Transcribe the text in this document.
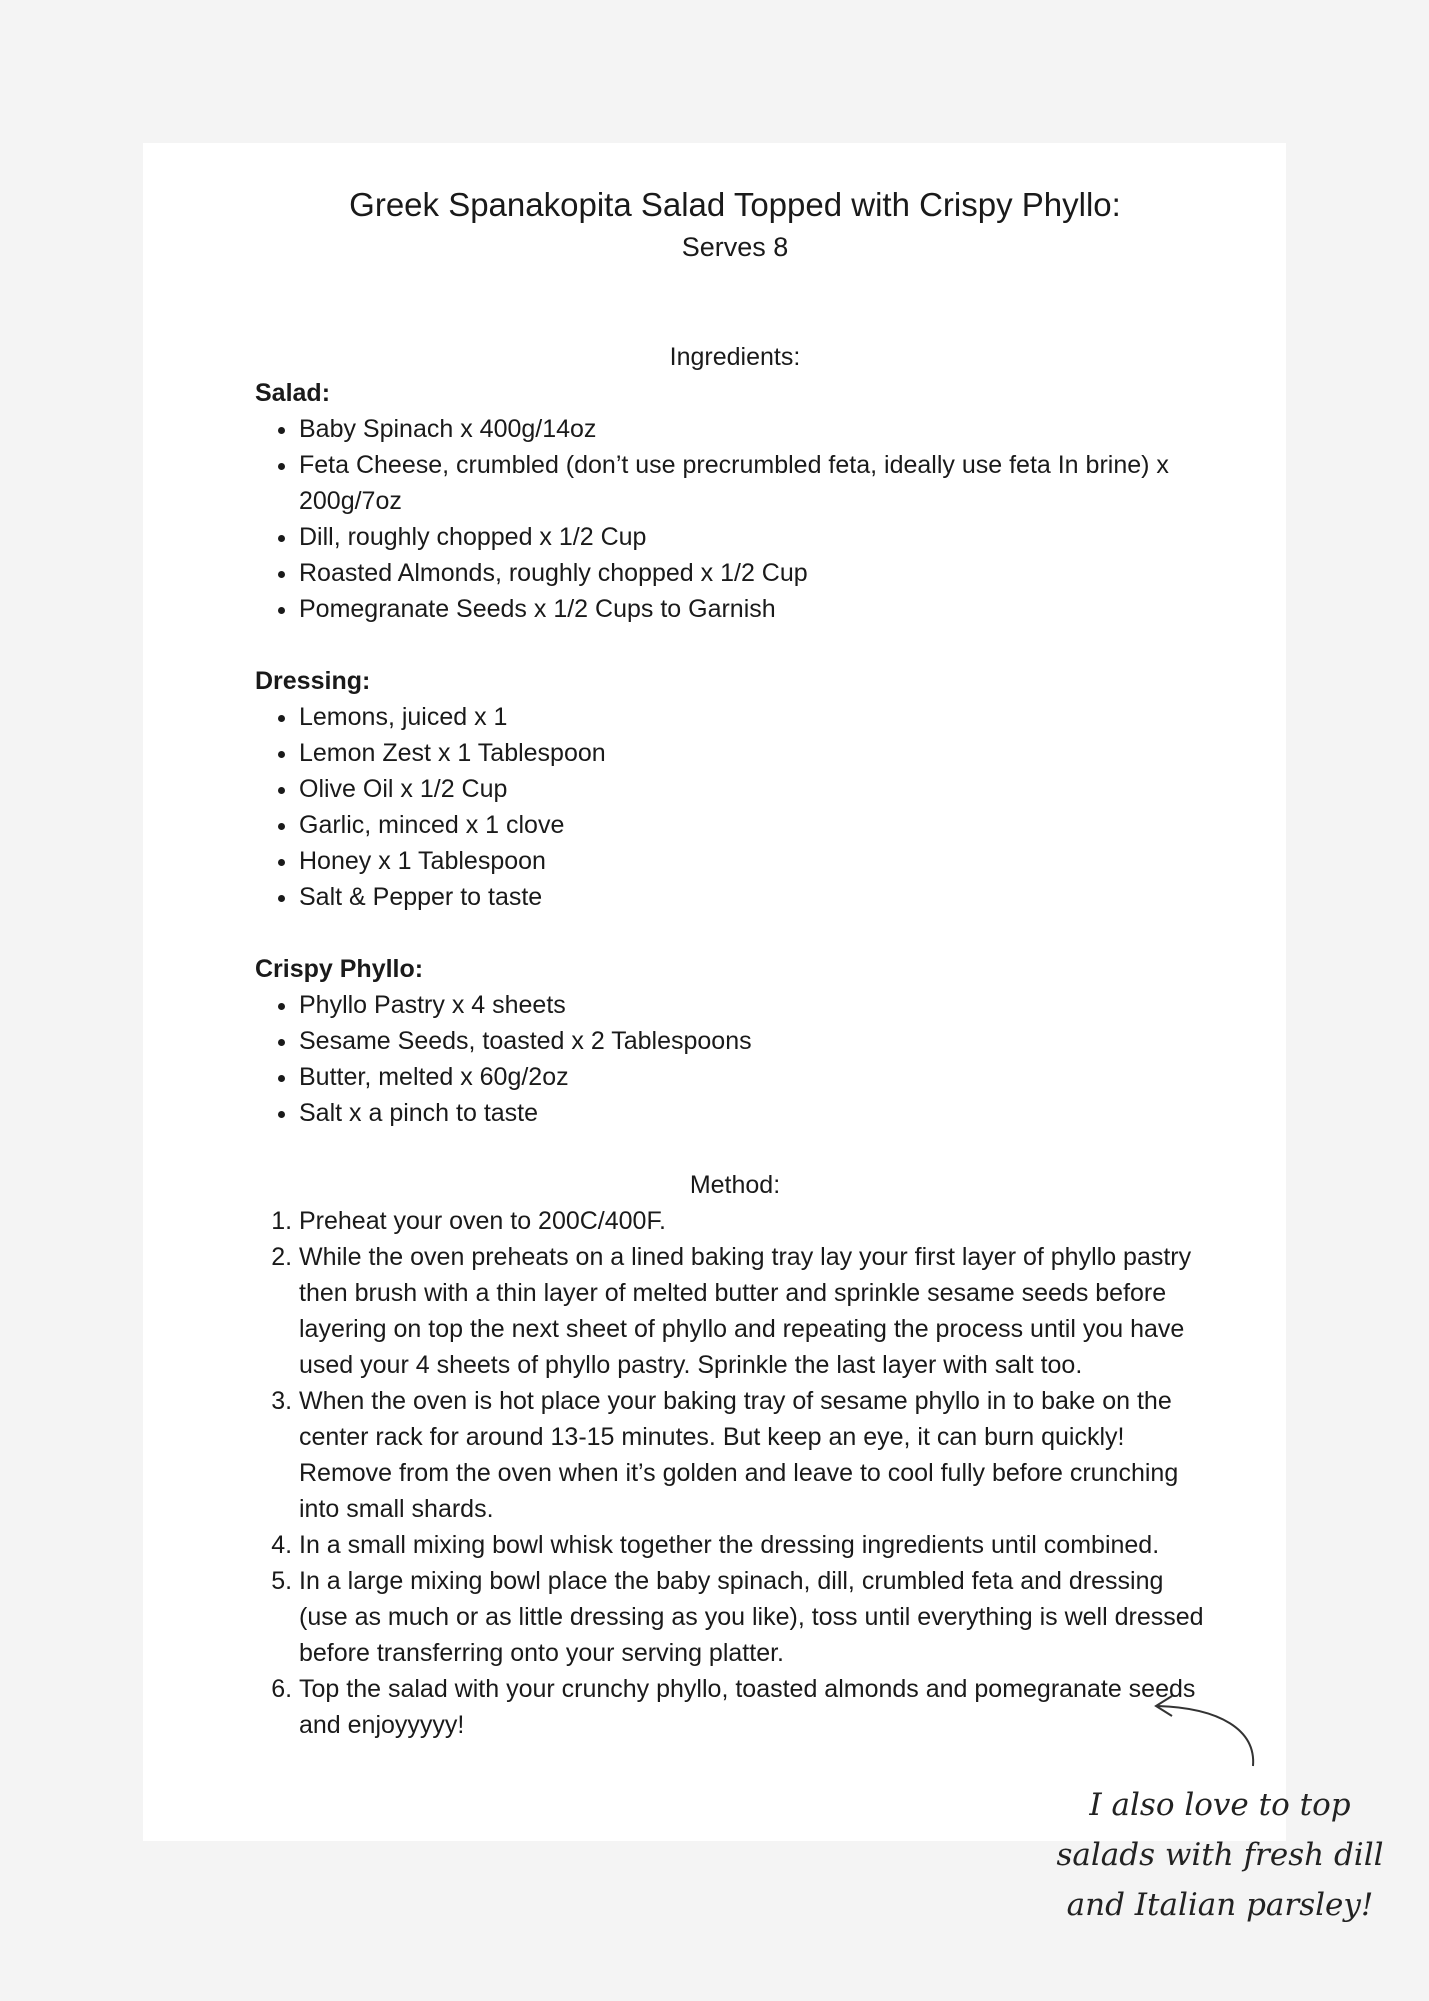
Greek Spanakopita Salad Topped with Crispy Phyllo:

Serves 8

Ingredients:

Salad:

• Baby Spinach x 400g/14oz
• Feta Cheese, crumbled (don’t use precrumbled feta, ideally use feta In brine) x 200g/7oz
• Dill, roughly chopped x 1/2 Cup
• Roasted Almonds, roughly chopped x 1/2 Cup
• Pomegranate Seeds x 1/2 Cups to Garnish

Dressing:

• Lemons, juiced x 1
• Lemon Zest x 1 Tablespoon
• Olive Oil x 1/2 Cup
• Garlic, minced x 1 clove
• Honey x 1 Tablespoon
• Salt & Pepper to taste

Crispy Phyllo:

• Phyllo Pastry x 4 sheets
• Sesame Seeds, toasted x 2 Tablespoons
• Butter, melted x 60g/2oz
• Salt x a pinch to taste

Method:

1. Preheat your oven to 200C/400F.
2. While the oven preheats on a lined baking tray lay your first layer of phyllo pastry then brush with a thin layer of melted butter and sprinkle sesame seeds before layering on top the next sheet of phyllo and repeating the process until you have used your 4 sheets of phyllo pastry. Sprinkle the last layer with salt too.
3. When the oven is hot place your baking tray of sesame phyllo in to bake on the center rack for around 13-15 minutes. But keep an eye, it can burn quickly! Remove from the oven when it’s golden and leave to cool fully before crunching into small shards.
4. In a small mixing bowl whisk together the dressing ingredients until combined.
5. In a large mixing bowl place the baby spinach, dill, crumbled feta and dressing (use as much or as little dressing as you like), toss until everything is well dressed before transferring onto your serving platter.
6. Top the salad with your crunchy phyllo, toasted almonds and pomegranate seeds and enjoyyyyy!
I also love to top
salads with fresh dill
and Italian parsley!
